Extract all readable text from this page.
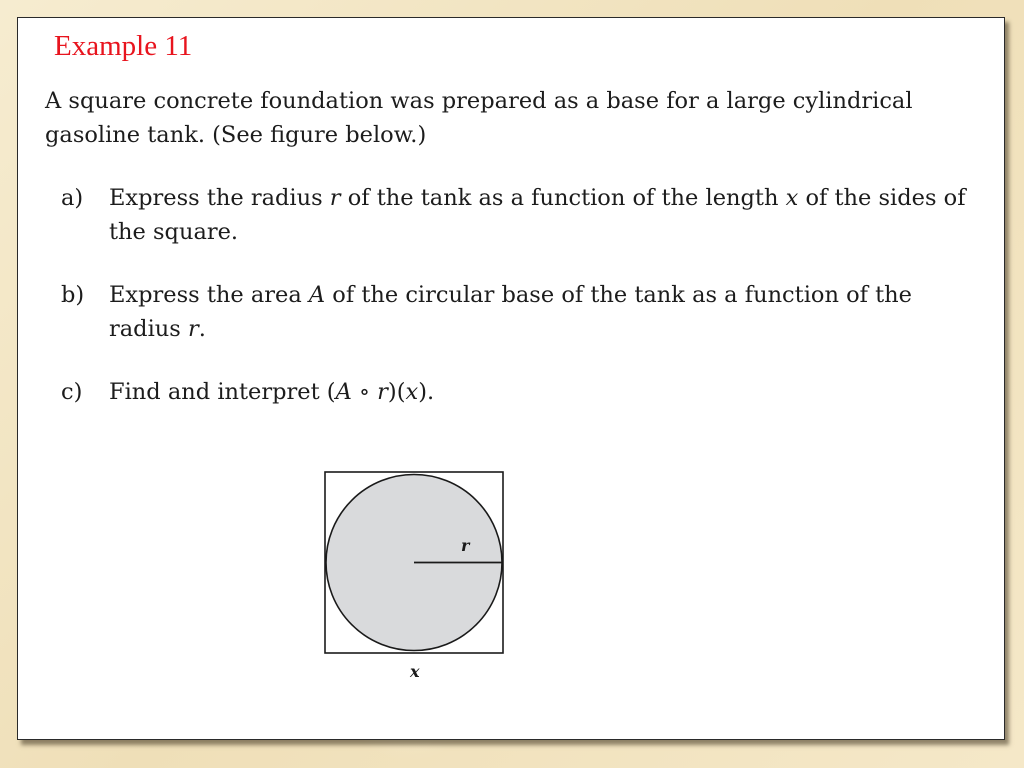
Example 11

A square concrete foundation was prepared as a base for a large cylindrical gasoline tank. (See figure below.)

a) Express the radius r of the tank as a function of the length x of the sides of the square.

b) Express the area A of the circular base of the tank as a function of the radius r.

c) Find and interpret (A ∘ r)(x).

r
x
